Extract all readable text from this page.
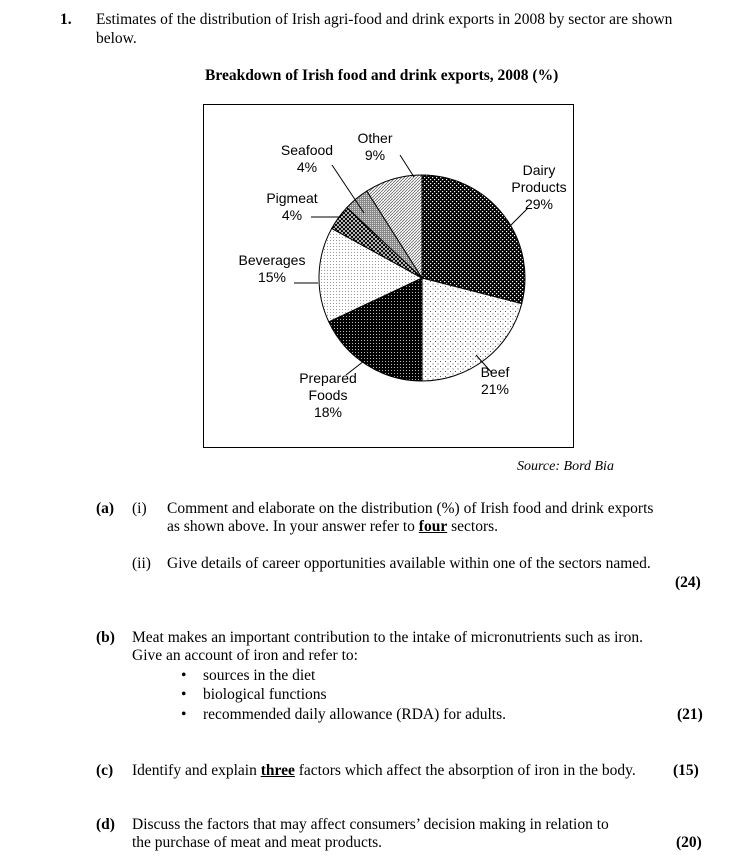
1. Estimates of the distribution of Irish agri-food and drink exports in 2008 by sector are shown
below.
Breakdown of Irish food and drink exports, 2008 (%)
Dairy Products 29%
Beef 21%
Prepared Foods 18%
Beverages 15%
Pigmeat 4%
Seafood 4%
Other 9%
Source: Bord Bia
(a) (i) Comment and elaborate on the distribution (%) of Irish food and drink exports
as shown above. In your answer refer to four sectors.
(ii) Give details of career opportunities available within one of the sectors named.
(24)
(b) Meat makes an important contribution to the intake of micronutrients such as iron.
Give an account of iron and refer to:
• sources in the diet
• biological functions
• recommended daily allowance (RDA) for adults.	(21)
(c) Identify and explain three factors which affect the absorption of iron in the body. (15)
(d) Discuss the factors that may affect consumers’ decision making in relation to
the purchase of meat and meat products.	(20)
